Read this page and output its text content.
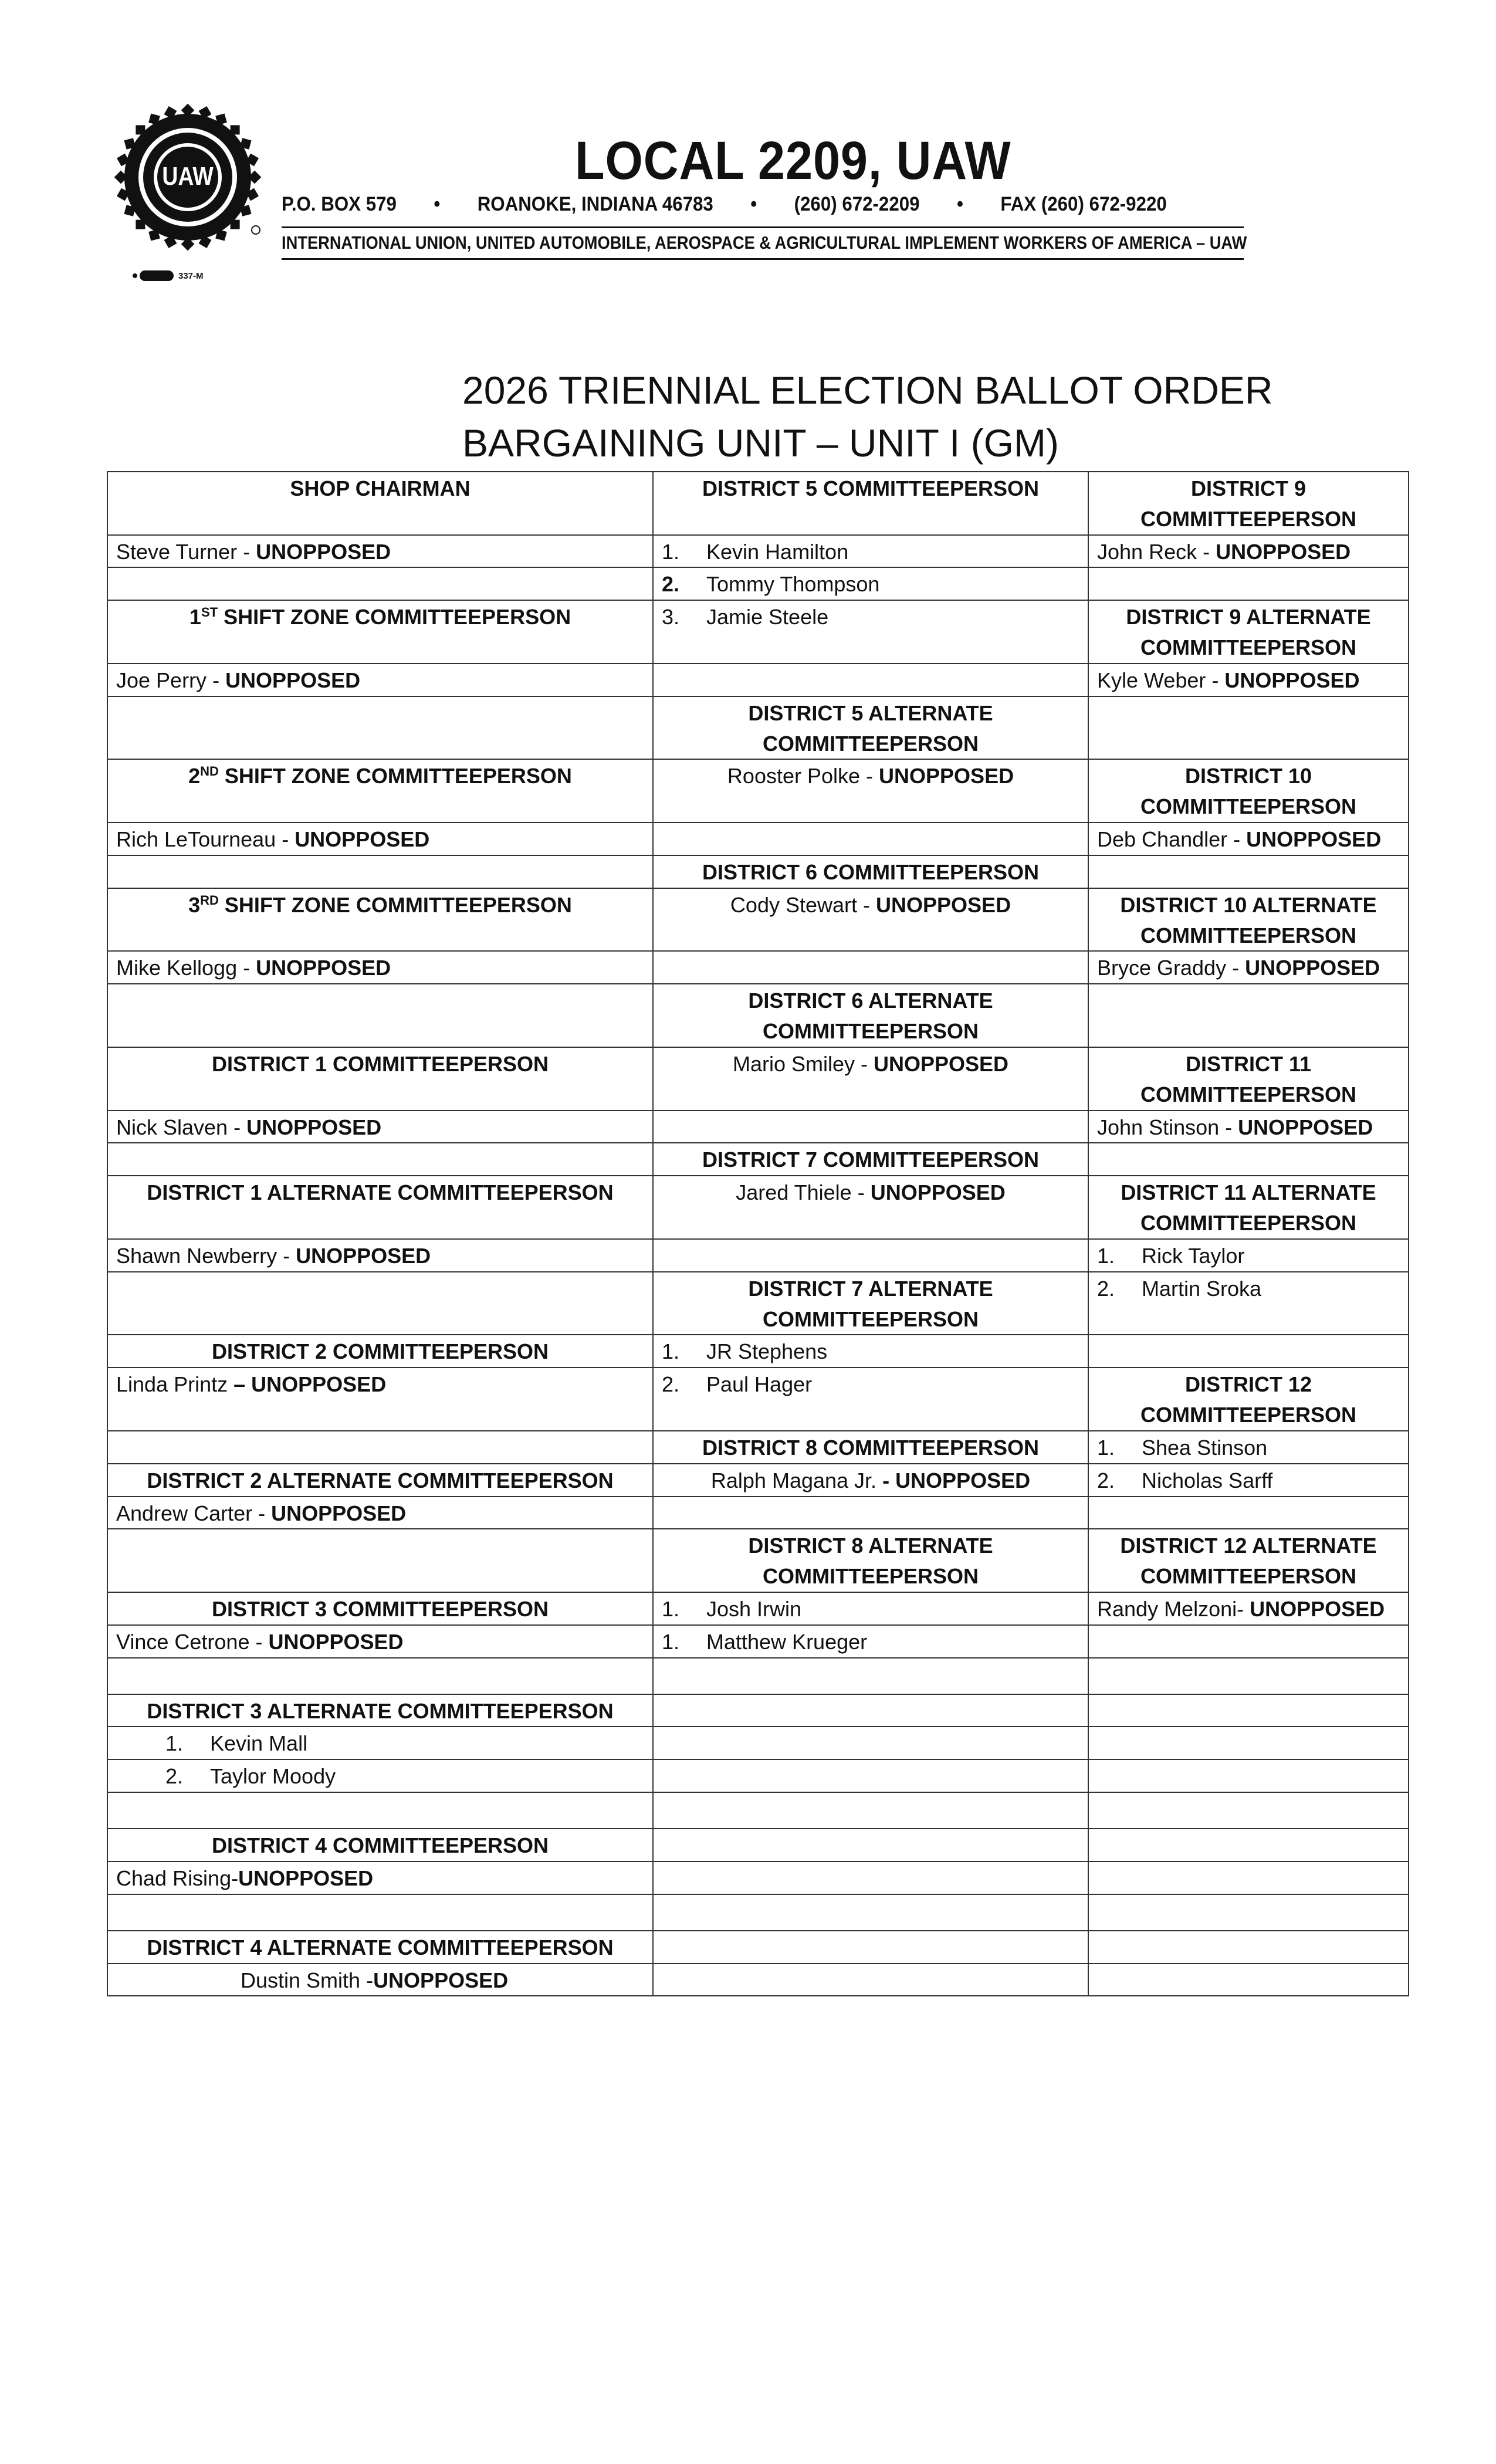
UAW
337-M
LOCAL 2209, UAW
P.O. BOX 579 • ROANOKE, INDIANA 46783 • (260) 672-2209 • FAX (260) 672-9220
INTERNATIONAL UNION, UNITED AUTOMOBILE, AEROSPACE & AGRICULTURAL IMPLEMENT WORKERS OF AMERICA – UAW
2026 TRIENNIAL ELECTION BALLOT ORDER
BARGAINING UNIT – UNIT I (GM)
SHOP CHAIRMAN	DISTRICT 5 COMMITTEEPERSON	DISTRICT 9 COMMITTEEPERSON
Steve Turner - UNOPPOSED	1. Kevin Hamilton	John Reck - UNOPPOSED
	2. Tommy Thompson	
1ST SHIFT ZONE COMMITTEEPERSON	3. Jamie Steele	DISTRICT 9 ALTERNATE COMMITTEEPERSON
Joe Perry - UNOPPOSED		Kyle Weber - UNOPPOSED
	DISTRICT 5 ALTERNATE COMMITTEEPERSON	
2ND SHIFT ZONE COMMITTEEPERSON	Rooster Polke - UNOPPOSED	DISTRICT 10 COMMITTEEPERSON
Rich LeTourneau - UNOPPOSED		Deb Chandler - UNOPPOSED
	DISTRICT 6 COMMITTEEPERSON	
3RD SHIFT ZONE COMMITTEEPERSON	Cody Stewart - UNOPPOSED	DISTRICT 10 ALTERNATE COMMITTEEPERSON
Mike Kellogg - UNOPPOSED		Bryce Graddy - UNOPPOSED
	DISTRICT 6 ALTERNATE COMMITTEEPERSON	
DISTRICT 1 COMMITTEEPERSON	Mario Smiley - UNOPPOSED	DISTRICT 11 COMMITTEEPERSON
Nick Slaven - UNOPPOSED		John Stinson - UNOPPOSED
	DISTRICT 7 COMMITTEEPERSON	
DISTRICT 1 ALTERNATE COMMITTEEPERSON	Jared Thiele - UNOPPOSED	DISTRICT 11 ALTERNATE COMMITTEEPERSON
Shawn Newberry - UNOPPOSED		1. Rick Taylor
	DISTRICT 7 ALTERNATE COMMITTEEPERSON	2. Martin Sroka
DISTRICT 2 COMMITTEEPERSON	1. JR Stephens	
Linda Printz – UNOPPOSED	2. Paul Hager	DISTRICT 12 COMMITTEEPERSON
	DISTRICT 8 COMMITTEEPERSON	1. Shea Stinson
DISTRICT 2 ALTERNATE COMMITTEEPERSON	Ralph Magana Jr. - UNOPPOSED	2. Nicholas Sarff
Andrew Carter - UNOPPOSED		
	DISTRICT 8 ALTERNATE COMMITTEEPERSON	DISTRICT 12 ALTERNATE COMMITTEEPERSON
DISTRICT 3 COMMITTEEPERSON	1. Josh Irwin	Randy Melzoni- UNOPPOSED
Vince Cetrone - UNOPPOSED	1. Matthew Krueger	

DISTRICT 3 ALTERNATE COMMITTEEPERSON		
1. Kevin Mall		
2. Taylor Moody		

DISTRICT 4 COMMITTEEPERSON		
Chad Rising-UNOPPOSED		

DISTRICT 4 ALTERNATE COMMITTEEPERSON		
Dustin Smith -UNOPPOSED		
